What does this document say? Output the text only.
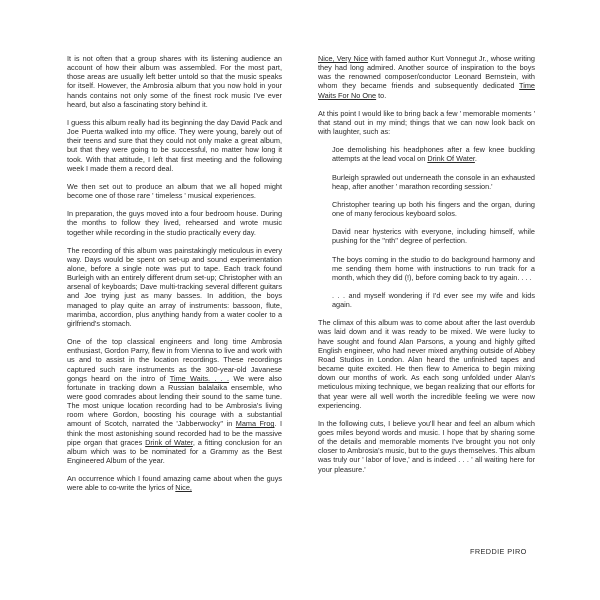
It is not often that a group shares with its listening audience an account of how their album was assembled. For the most part, those areas are usually left better untold so that the music speaks for itself. However, the Ambrosia album that you now hold in your hands contains not only some of the finest rock music I've ever heard, but also a fascinating story behind it.

I guess this album really had its beginning the day David Pack and Joe Puerta walked into my office. They were young, barely out of their teens and sure that they could not only make a great album, but that they were going to be successful, no matter how long it took. With that attitude, I left that first meeting and the following week I made them a record deal.

We then set out to produce an album that we all hoped might become one of those rare ' timeless ' musical experiences.

In preparation, the guys moved into a four bedroom house. During the months to follow they lived, rehearsed and wrote music together while recording in the studio practically every day.

The recording of this album was painstakingly meticulous in every way. Days would be spent on set-up and sound experimentation alone, before a single note was put to tape. Each track found Burleigh with an entirely different drum set-up; Christopher with an arsenal of keyboards; Dave multi-tracking several different guitars and Joe trying just as many basses. In addition, the boys managed to play quite an array of instruments: bassoon, flute, marimba, accordion, plus anything handy from a water cooler to a girlfriend's stomach.

One of the top classical engineers and long time Ambrosia enthusiast, Gordon Parry, flew in from Vienna to live and work with us and to assist in the location recordings. These recordings captured such rare instruments as the 300-year-old Javanese gongs heard on the intro of Time Waits. . . . We were also fortunate in tracking down a Russian balalaika ensemble, who were good comrades about lending their sound to the same tune. The most unique location recording had to be Ambrosia's living room where Gordon, boosting his courage with a substantial amount of Scotch, narrated the 'Jabberwocky'' in Mama Frog. I think the most astonishing sound recorded had to be the massive pipe organ that graces Drink of Water, a fitting conclusion for an album which was to be nominated for a Grammy as the Best Engineered Album of the year.

An occurrence which I found amazing came about when the guys were able to co-write the lyrics of Nice,

Nice, Very Nice with famed author Kurt Vonnegut Jr., whose writing they had long admired. Another source of inspiration to the boys was the renowned composer/conductor Leonard Bernstein, with whom they became friends and subsequently dedicated Time Waits For No One to.

At this point I would like to bring back a few ' memorable moments ' that stand out in my mind; things that we can now look back on with laughter, such as:

Joe demolishing his headphones after a few knee buckling attempts at the lead vocal on Drink Of Water.

Burleigh sprawled out underneath the console in an exhausted heap, after another ' marathon recording session.'

Christopher tearing up both his fingers and the organ, during one of many ferocious keyboard solos.

David near hysterics with everyone, including himself, while pushing for the ''nth'' degree of perfection.

The boys coming in the studio to do background harmony and me sending them home with instructions to run track for a month, which they did (!), before coming back to try again. . . .

. . . and myself wondering if I'd ever see my wife and kids again.

The climax of this album was to come about after the last overdub was laid down and it was ready to be mixed. We were lucky to have sought and found Alan Parsons, a young and highly gifted English engineer, who had never mixed anything outside of Abbey Road Studios in London. Alan heard the unfinished tapes and became quite excited. He then flew to America to begin mixing down our months of work. As each song unfolded under Alan's meticulous mixing technique, we began realizing that our efforts for that year were all well worth the incredible feeling we were now experiencing.

In the following cuts, I believe you'll hear and feel an album which goes miles beyond words and music. I hope that by sharing some of the details and memorable moments I've brought you not only closer to Ambrosia's music, but to the guys themselves. This album was truly our ' labor of love,' and is indeed . . . ' all waiting here for your pleasure.'

FREDDIE PIRO
